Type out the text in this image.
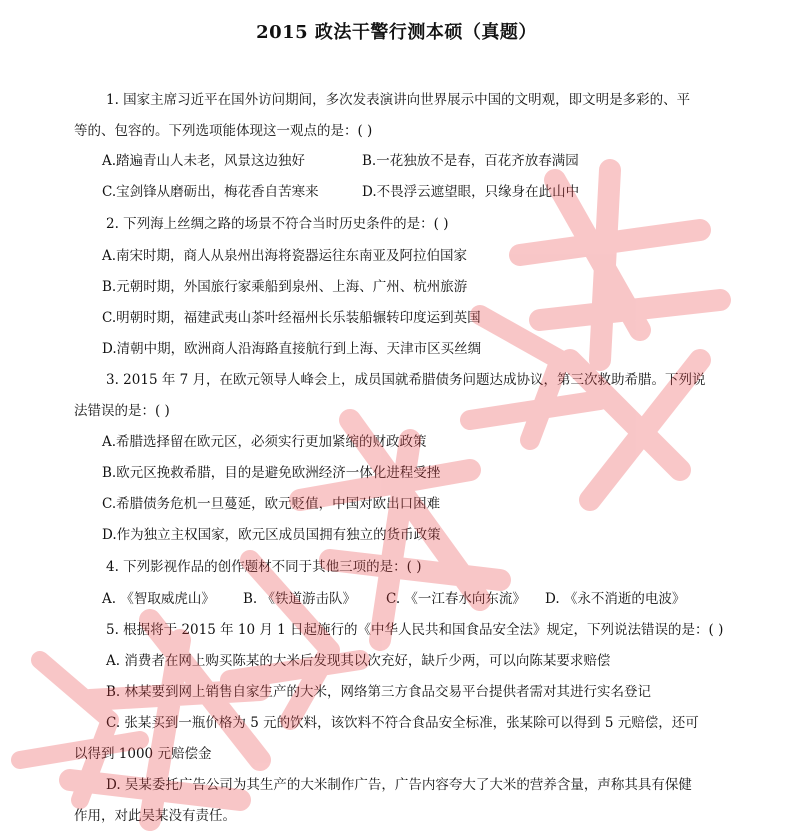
2015 政法干警行测本硕（真题）
1. 国家主席习近平在国外访问期间，多次发表演讲向世界展示中国的文明观，即文明是多彩的、平
等的、包容的。下列选项能体现这一观点的是：( )
A.踏遍青山人未老，风景这边独好	B.一花独放不是春，百花齐放春满园
C.宝剑锋从磨砺出，梅花香自苦寒来	D.不畏浮云遮望眼，只缘身在此山中
2. 下列海上丝绸之路的场景不符合当时历史条件的是：( )
A.南宋时期，商人从泉州出海将瓷器运往东南亚及阿拉伯国家
B.元朝时期，外国旅行家乘船到泉州、上海、广州、杭州旅游
C.明朝时期，福建武夷山茶叶经福州长乐装船辗转印度运到英国
D.清朝中期，欧洲商人沿海路直接航行到上海、天津市区买丝绸
3. 2015 年 7 月，在欧元领导人峰会上，成员国就希腊债务问题达成协议，第三次救助希腊。下列说
法错误的是：( )
A.希腊选择留在欧元区，必须实行更加紧缩的财政政策
B.欧元区挽救希腊，目的是避免欧洲经济一体化进程受挫
C.希腊债务危机一旦蔓延，欧元贬值，中国对欧出口困难
D.作为独立主权国家，欧元区成员国拥有独立的货币政策
4. 下列影视作品的创作题材不同于其他三项的是：( )
A. 《智取威虎山》 B. 《铁道游击队》 C. 《一江春水向东流》 D. 《永不消逝的电波》
5. 根据将于 2015 年 10 月 1 日起施行的《中华人民共和国食品安全法》规定，下列说法错误的是：( )
A. 消费者在网上购买陈某的大米后发现其以次充好，缺斤少两，可以向陈某要求赔偿
B. 林某要到网上销售自家生产的大米，网络第三方食品交易平台提供者需对其进行实名登记
C. 张某买到一瓶价格为 5 元的饮料，该饮料不符合食品安全标准，张某除可以得到 5 元赔偿，还可
以得到 1000 元赔偿金
D. 吴某委托广告公司为其生产的大米制作广告，广告内容夸大了大米的营养含量，声称其具有保健
作用，对此吴某没有责任。
